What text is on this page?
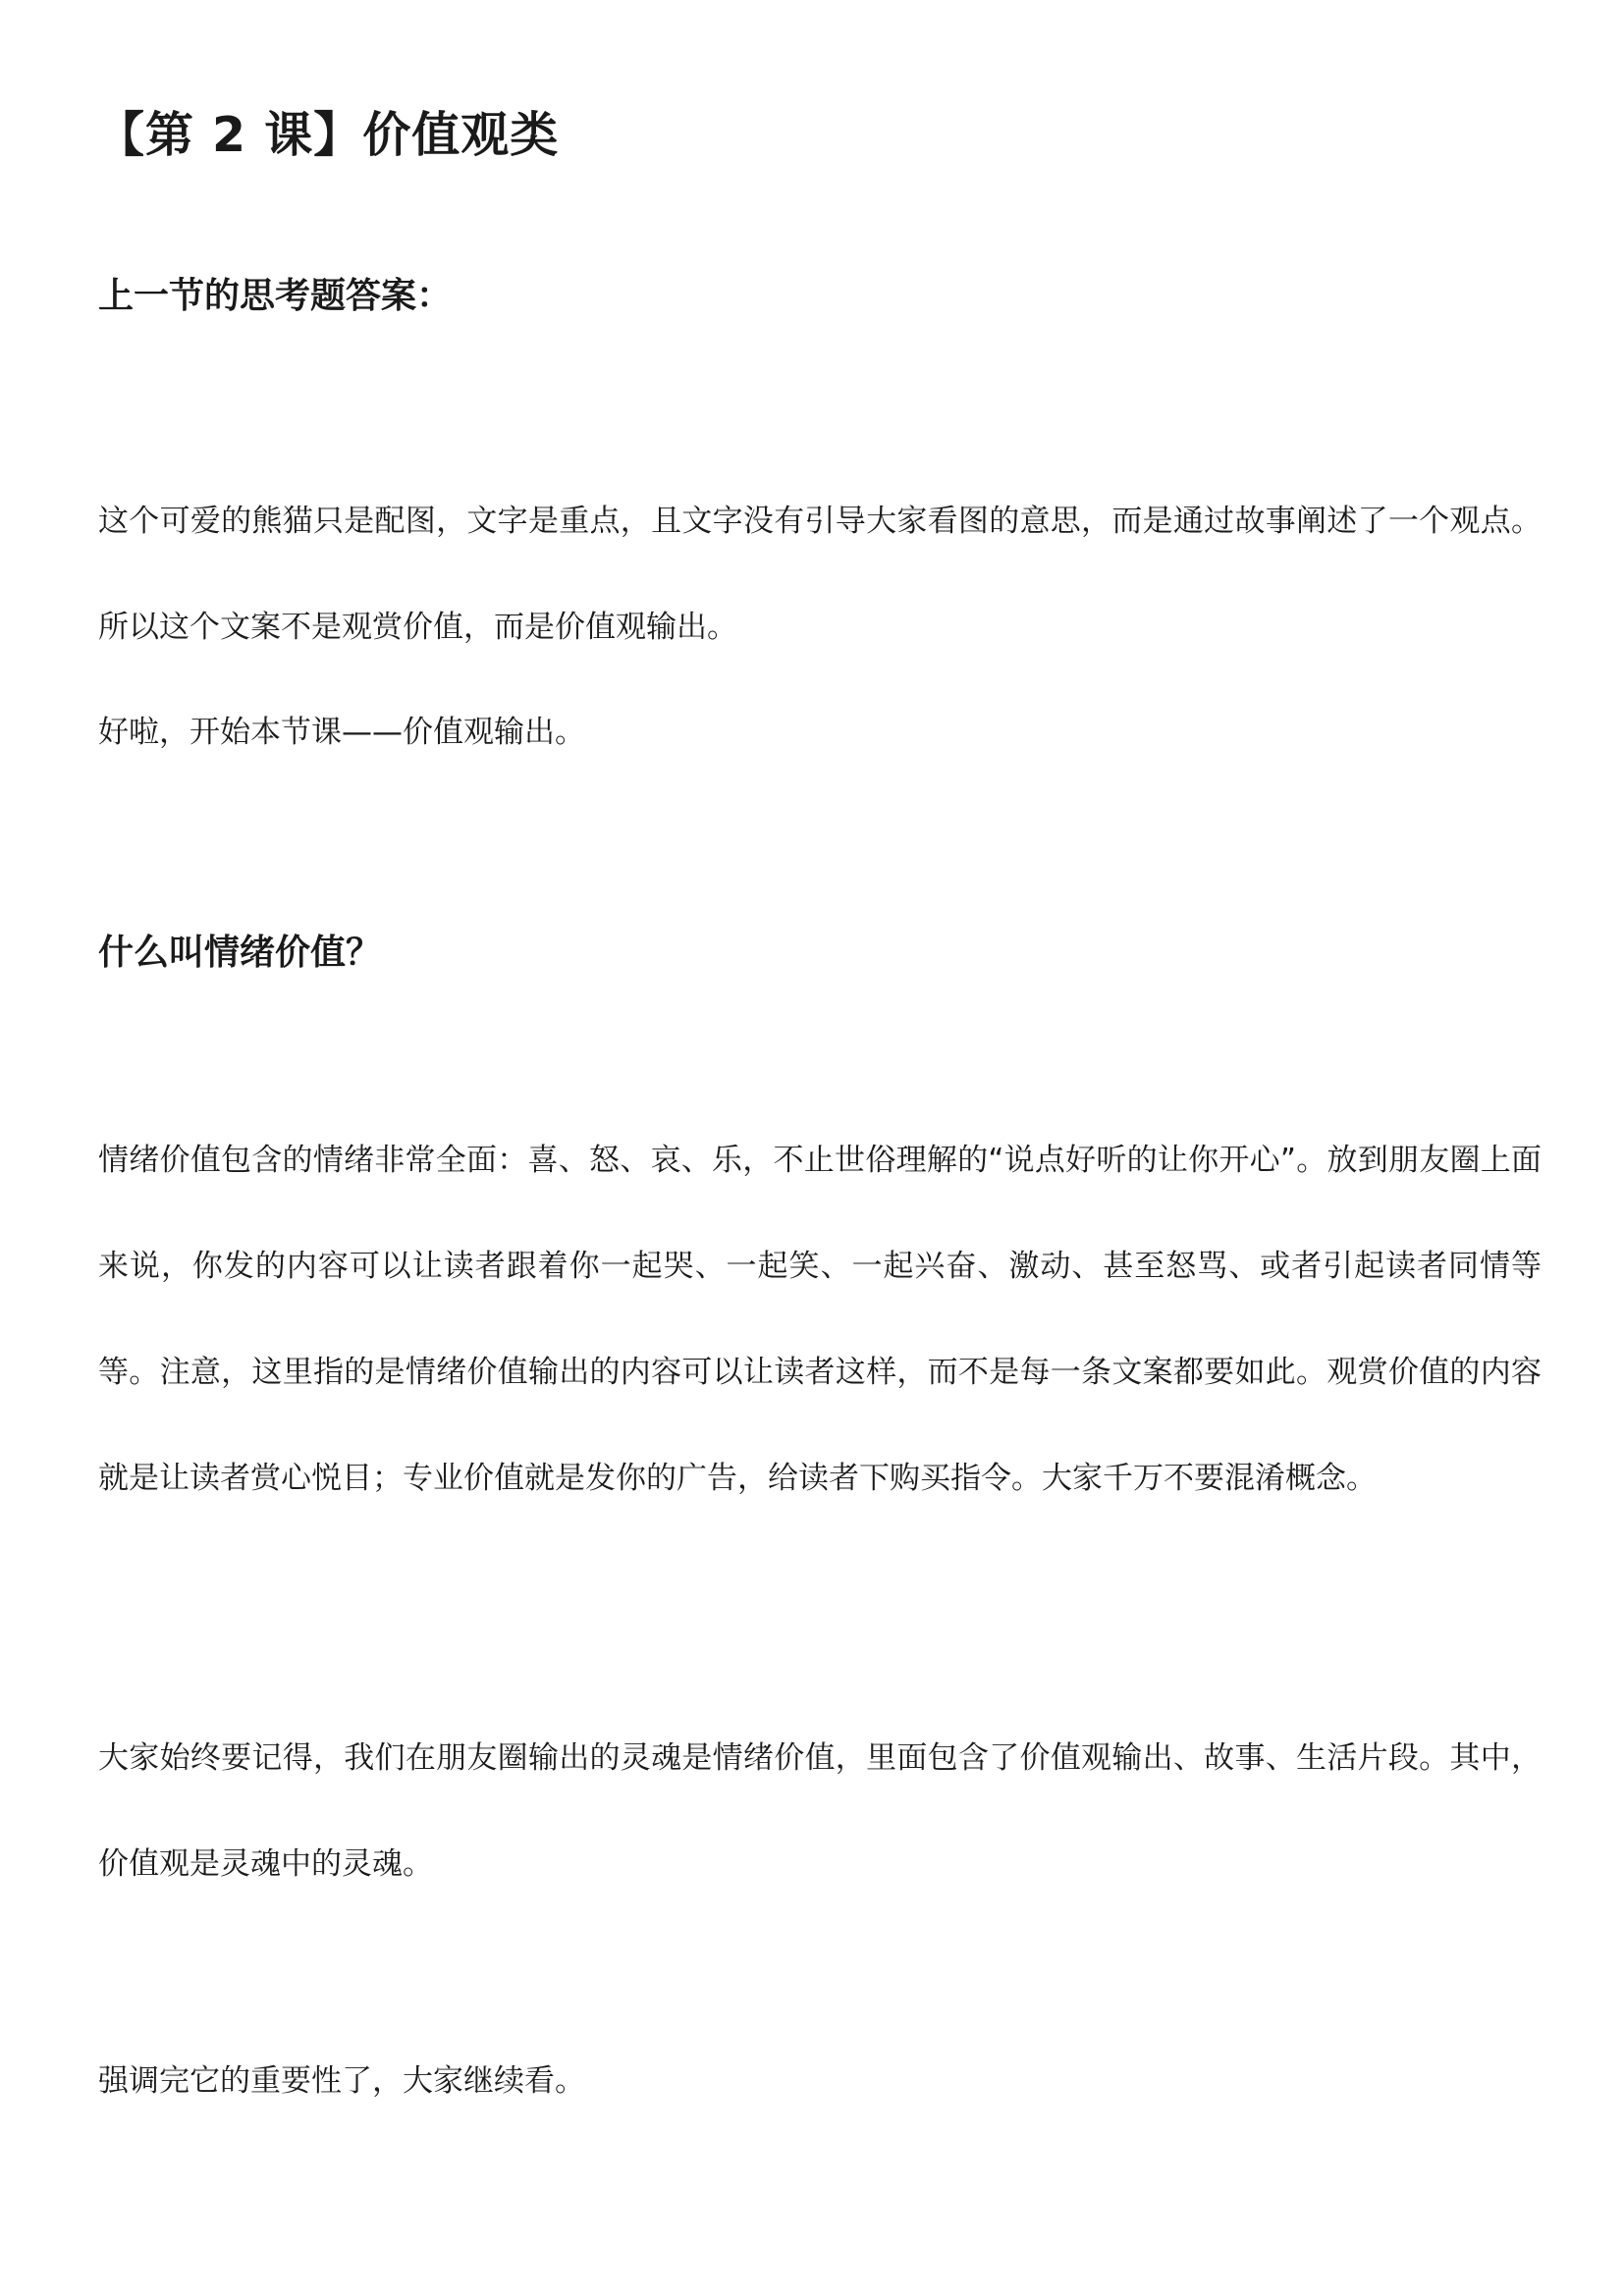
【第 2 课】价值观类
上一节的思考题答案：

这个可爱的熊猫只是配图，文字是重点，且文字没有引导大家看图的意思，而是通过故事阐述了一个观点。所以这个文案不是观赏价值，而是价值观输出。

好啦，开始本节课——价值观输出。

什么叫情绪价值？

情绪价值包含的情绪非常全面：喜、怒、哀、乐，不止世俗理解的“说点好听的让你开心”。放到朋友圈上面来说，你发的内容可以让读者跟着你一起哭、一起笑、一起兴奋、激动、甚至怒骂、或者引起读者同情等等。注意，这里指的是情绪价值输出的内容可以让读者这样，而不是每一条文案都要如此。观赏价值的内容就是让读者赏心悦目；专业价值就是发你的广告，给读者下购买指令。大家千万不要混淆概念。

大家始终要记得，我们在朋友圈输出的灵魂是情绪价值，里面包含了价值观输出、故事、生活片段。其中，价值观是灵魂中的灵魂。

强调完它的重要性了，大家继续看。
